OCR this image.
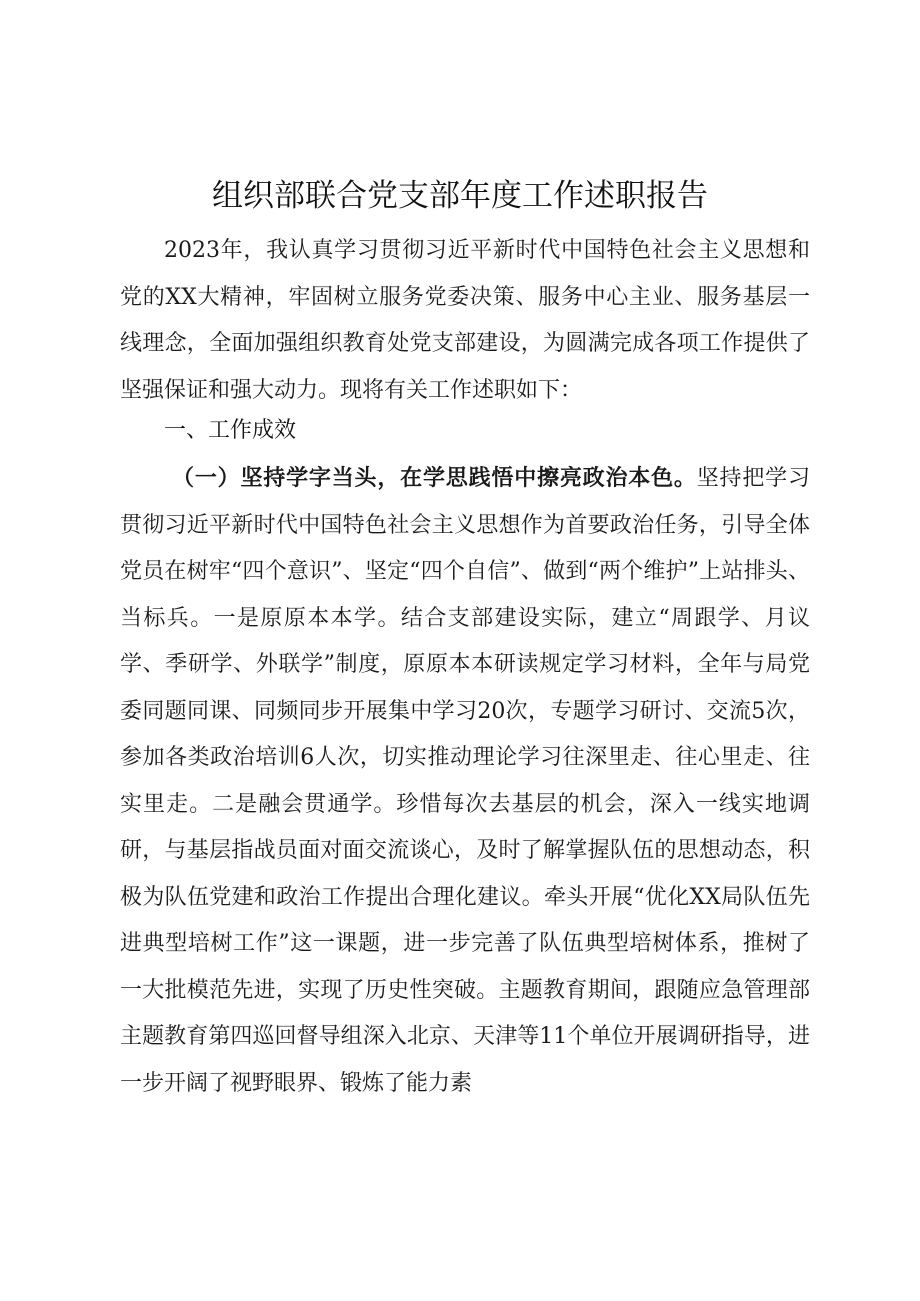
组织部联合党支部年度工作述职报告

2023年，我认真学习贯彻习近平新时代中国特色社会主义思想和党的XX大精神，牢固树立服务党委决策、服务中心主业、服务基层一线理念，全面加强组织教育处党支部建设，为圆满完成各项工作提供了坚强保证和强大动力。现将有关工作述职如下：

一、工作成效

（一）坚持学字当头，在学思践悟中擦亮政治本色。坚持把学习贯彻习近平新时代中国特色社会主义思想作为首要政治任务，引导全体党员在树牢“四个意识”、坚定“四个自信”、做到“两个维护”上站排头、当标兵。一是原原本本学。结合支部建设实际，建立“周跟学、月议学、季研学、外联学”制度，原原本本研读规定学习材料，全年与局党委同题同课、同频同步开展集中学习20次，专题学习研讨、交流5次，参加各类政治培训6人次，切实推动理论学习往深里走、往心里走、往实里走。二是融会贯通学。珍惜每次去基层的机会，深入一线实地调研，与基层指战员面对面交流谈心，及时了解掌握队伍的思想动态，积极为队伍党建和政治工作提出合理化建议。牵头开展“优化XX局队伍先进典型培树工作”这一课题，进一步完善了队伍典型培树体系，推树了一大批模范先进，实现了历史性突破。主题教育期间，跟随应急管理部主题教育第四巡回督导组深入北京、天津等11个单位开展调研指导，进一步开阔了视野眼界、锻炼了能力素
